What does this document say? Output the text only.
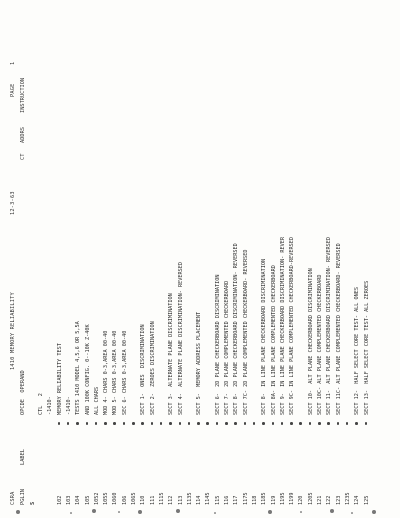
CSRA
1410 MEMORY RELIABILITY
12-3-63
PAGE
1
PGLIN
LABEL
OPCDE  OPERAND
CT
ADDRS
INSTRUCTION
S
CTL   2 -1410-
102
MEMORY RELIABILITY TEST
103
-1410-
104
TESTS 1410 MODEL 4,5,6 OR 5,5A
105
AND 100K CONFIG. 0--10K Z-40K
1052
ALL CHARS
1055
MOD 4- CHARS 0-3,AREA 00-40
1060
MOD 5- CHARS 0-3,AREA 00-40
106
SEC 6- CHARS 0-3,AREA 00-40
1065 110
SECT 1-  ONES  DISCRIMINATION
111
SECT 2-  ZEROES DISCRIMINATION
1115 112
SECT 3-  ALTERNATE PLANE DISCRIMINATION
113
SECT 4-  ALTERNATE PLANE DISCRIMINATION- REVERSED
1135 114
SECT 5-  MEMORY ADDRESS PLACEMENT
1145 115
SECT 6-  2D PLANE CHECKERBOARD DISCRIMINATION
116
SECT 7-  2D PLANE COMPLEMENTED CHECKERBOARD
117
SECT 8-  2D PLANE CHECKERBOARD DISCRIMINATION- REVERSED
1175
SECT 7C- 2D PLANE COMPLEMENTED CHECKERBOARD- REVERSED
118 1185
SECT 8-  IN LINE PLANE CHECKERBOARD DISCRIMINATION
119
SECT 8A- IN LINE PLANE COMPLEMENTED CHECKERBOARD
1195
SECT 9-  IN LINE PLANE CHECKERBOARD DISCRIMINATION- REVER
1199
SECT 9C- IN LINE PLANE COMPLEMENTED CHECKERBOARD-REVERSED
120 1205
SECT 10-  ALT PLANE CHECKERBOARD DISCRIMINATION
121
SECT 10C- ALT PLANE COMPLEMENTED CHECKERBOARD
122
SECT 11-  ALT PLANE CHECKERBOARD DISCRIMINATION- REVERSED
123
SECT 11C- ALT PLANE COMPLEMENTED CHECKERBOARD- REVERSED
1235 124
SECT 12-  HALF SELECT CORE TEST- ALL ONES
125
SECT 13-  HALF SELECT CORE TEST- ALL ZEROES
